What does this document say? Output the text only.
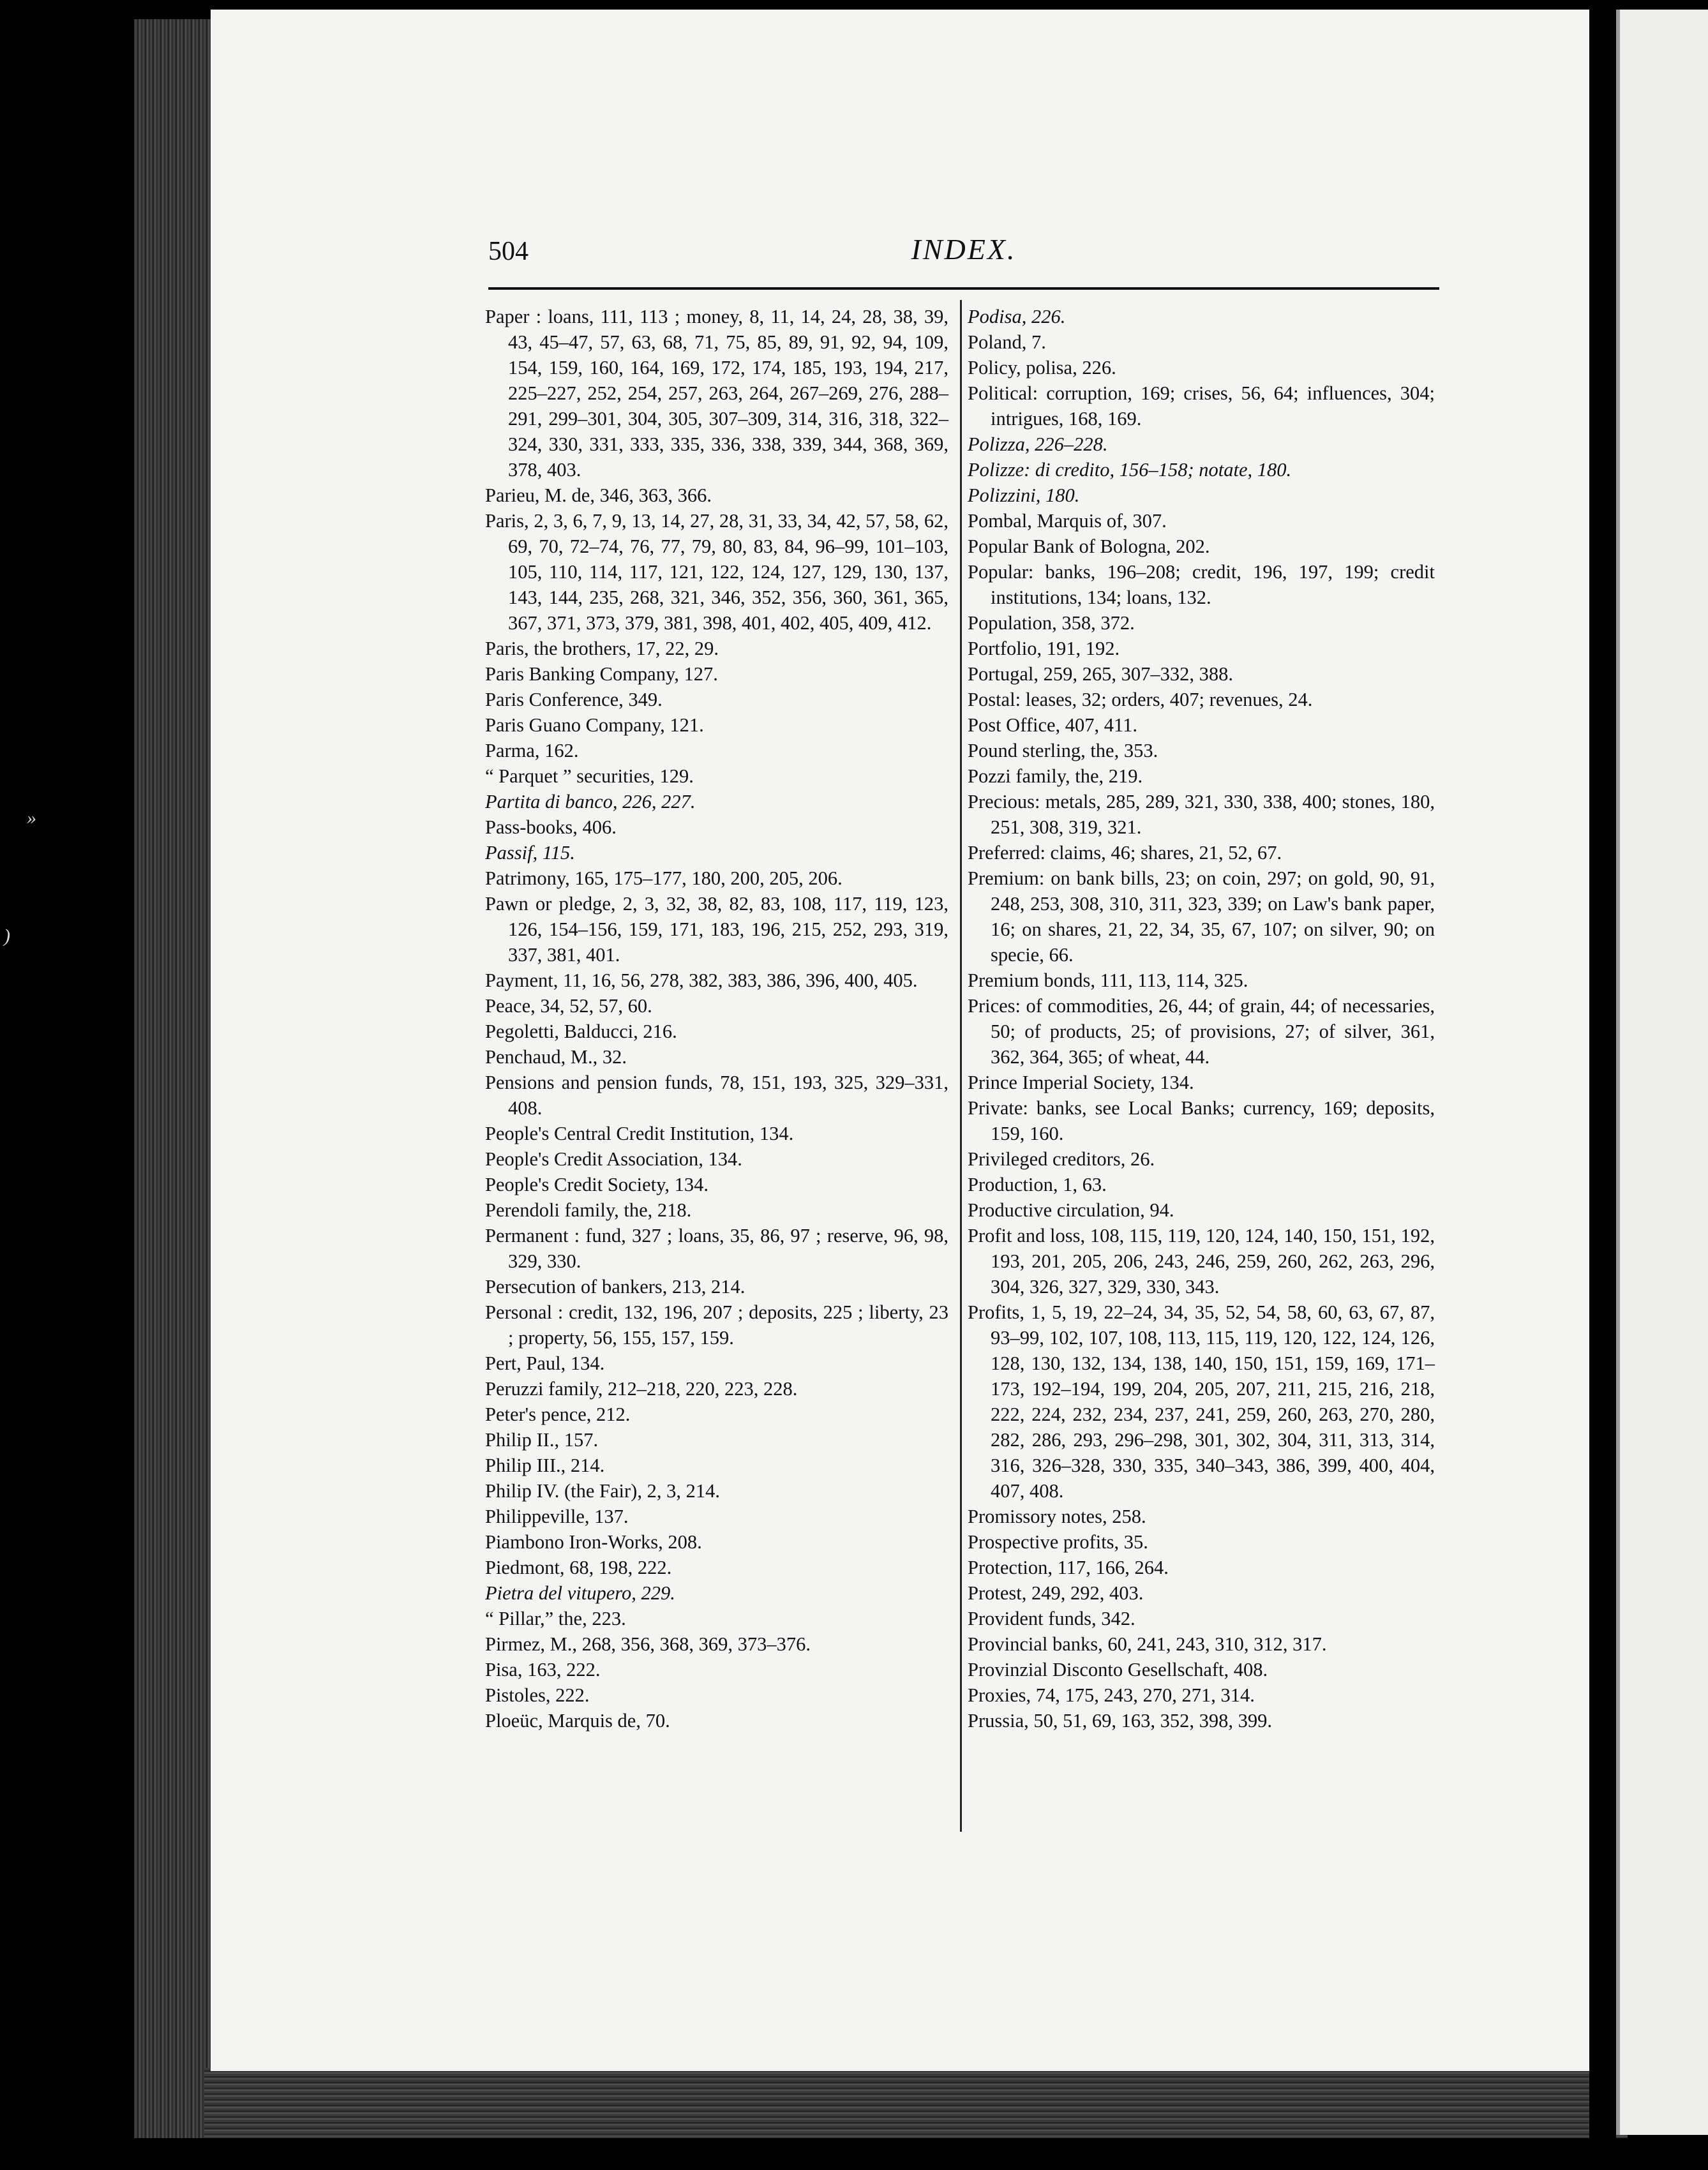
»
)
504	INDEX.

Paper : loans, 111, 113 ; money, 8, 11, 14, 24, 28, 38, 39, 43, 45–47, 57, 63, 68, 71, 75, 85, 89, 91, 92, 94, 109, 154, 159, 160, 164, 169, 172, 174, 185, 193, 194, 217, 225–227, 252, 254, 257, 263, 264, 267–269, 276, 288–291, 299–301, 304, 305, 307–309, 314, 316, 318, 322–324, 330, 331, 333, 335, 336, 338, 339, 344, 368, 369, 378, 403.

Parieu, M. de, 346, 363, 366.

Paris, 2, 3, 6, 7, 9, 13, 14, 27, 28, 31, 33, 34, 42, 57, 58, 62, 69, 70, 72–74, 76, 77, 79, 80, 83, 84, 96–99, 101–103, 105, 110, 114, 117, 121, 122, 124, 127, 129, 130, 137, 143, 144, 235, 268, 321, 346, 352, 356, 360, 361, 365, 367, 371, 373, 379, 381, 398, 401, 402, 405, 409, 412.

Paris, the brothers, 17, 22, 29.

Paris Banking Company, 127.

Paris Conference, 349.

Paris Guano Company, 121.

Parma, 162.

“ Parquet ” securities, 129.

Partita di banco, 226, 227.

Pass-books, 406.

Passif, 115.

Patrimony, 165, 175–177, 180, 200, 205, 206.

Pawn or pledge, 2, 3, 32, 38, 82, 83, 108, 117, 119, 123, 126, 154–156, 159, 171, 183, 196, 215, 252, 293, 319, 337, 381, 401.

Payment, 11, 16, 56, 278, 382, 383, 386, 396, 400, 405.

Peace, 34, 52, 57, 60.

Pegoletti, Balducci, 216.

Penchaud, M., 32.

Pensions and pension funds, 78, 151, 193, 325, 329–331, 408.

People's Central Credit Institution, 134.

People's Credit Association, 134.

People's Credit Society, 134.

Perendoli family, the, 218.

Permanent : fund, 327 ; loans, 35, 86, 97 ; reserve, 96, 98, 329, 330.

Persecution of bankers, 213, 214.

Personal : credit, 132, 196, 207 ; deposits, 225 ; liberty, 23 ; property, 56, 155, 157, 159.

Pert, Paul, 134.

Peruzzi family, 212–218, 220, 223, 228.

Peter's pence, 212.

Philip II., 157.

Philip III., 214.

Philip IV. (the Fair), 2, 3, 214.

Philippeville, 137.

Piambono Iron-Works, 208.

Piedmont, 68, 198, 222.

Pietra del vitupero, 229.

“ Pillar,” the, 223.

Pirmez, M., 268, 356, 368, 369, 373–376.

Pisa, 163, 222.

Pistoles, 222.

Ploeüc, Marquis de, 70.

Podisa, 226.

Poland, 7.

Policy, polisa, 226.

Political: corruption, 169; crises, 56, 64; influences, 304; intrigues, 168, 169.

Polizza, 226–228.

Polizze: di credito, 156–158; notate, 180.

Polizzini, 180.

Pombal, Marquis of, 307.

Popular Bank of Bologna, 202.

Popular: banks, 196–208; credit, 196, 197, 199; credit institutions, 134; loans, 132.

Population, 358, 372.

Portfolio, 191, 192.

Portugal, 259, 265, 307–332, 388.

Postal: leases, 32; orders, 407; revenues, 24.

Post Office, 407, 411.

Pound sterling, the, 353.

Pozzi family, the, 219.

Precious: metals, 285, 289, 321, 330, 338, 400; stones, 180, 251, 308, 319, 321.

Preferred: claims, 46; shares, 21, 52, 67.

Premium: on bank bills, 23; on coin, 297; on gold, 90, 91, 248, 253, 308, 310, 311, 323, 339; on Law's bank paper, 16; on shares, 21, 22, 34, 35, 67, 107; on silver, 90; on specie, 66.

Premium bonds, 111, 113, 114, 325.

Prices: of commodities, 26, 44; of grain, 44; of necessaries, 50; of products, 25; of provisions, 27; of silver, 361, 362, 364, 365; of wheat, 44.

Prince Imperial Society, 134.

Private: banks, see Local Banks; currency, 169; deposits, 159, 160.

Privileged creditors, 26.

Production, 1, 63.

Productive circulation, 94.

Profit and loss, 108, 115, 119, 120, 124, 140, 150, 151, 192, 193, 201, 205, 206, 243, 246, 259, 260, 262, 263, 296, 304, 326, 327, 329, 330, 343.

Profits, 1, 5, 19, 22–24, 34, 35, 52, 54, 58, 60, 63, 67, 87, 93–99, 102, 107, 108, 113, 115, 119, 120, 122, 124, 126, 128, 130, 132, 134, 138, 140, 150, 151, 159, 169, 171–173, 192–194, 199, 204, 205, 207, 211, 215, 216, 218, 222, 224, 232, 234, 237, 241, 259, 260, 263, 270, 280, 282, 286, 293, 296–298, 301, 302, 304, 311, 313, 314, 316, 326–328, 330, 335, 340–343, 386, 399, 400, 404, 407, 408.

Promissory notes, 258.

Prospective profits, 35.

Protection, 117, 166, 264.

Protest, 249, 292, 403.

Provident funds, 342.

Provincial banks, 60, 241, 243, 310, 312, 317.

Provinzial Disconto Gesellschaft, 408.

Proxies, 74, 175, 243, 270, 271, 314.

Prussia, 50, 51, 69, 163, 352, 398, 399.
